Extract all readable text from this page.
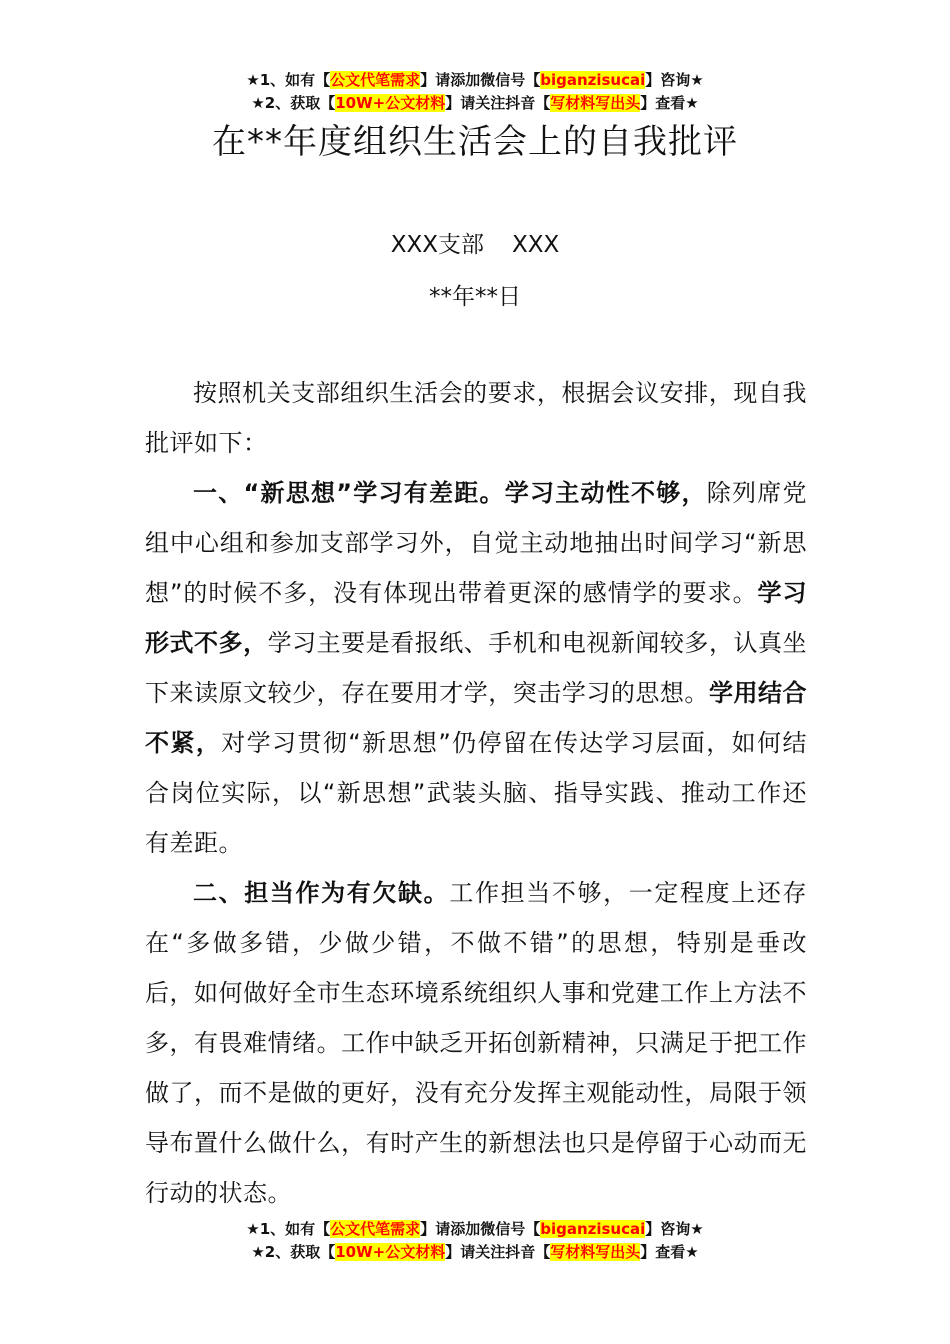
★1、如有【公文代笔需求】请添加微信号【biganzisucai】咨询★
★2、获取【10W+公文材料】请关注抖音【写材料写出头】查看★
在**年度组织生活会上的自我批评
XXX支部 XXX
**年**日

按照机关支部组织生活会的要求，根据会议安排，现自我批评如下：

一、“新思想”学习有差距。学习主动性不够，除列席党组中心组和参加支部学习外，自觉主动地抽出时间学习“新思想”的时候不多，没有体现出带着更深的感情学的要求。学习形式不多，学习主要是看报纸、手机和电视新闻较多，认真坐下来读原文较少，存在要用才学，突击学习的思想。学用结合不紧，对学习贯彻“新思想”仍停留在传达学习层面，如何结合岗位实际，以“新思想”武装头脑、指导实践、推动工作还有差距。

二、担当作为有欠缺。工作担当不够，一定程度上还存在“多做多错，少做少错，不做不错”的思想，特别是垂改后，如何做好全市生态环境系统组织人事和党建工作上方法不多，有畏难情绪。工作中缺乏开拓创新精神，只满足于把工作做了，而不是做的更好，没有充分发挥主观能动性，局限于领导布置什么做什么，有时产生的新想法也只是停留于心动而无行动的状态。

★1、如有【公文代笔需求】请添加微信号【biganzisucai】咨询★
★2、获取【10W+公文材料】请关注抖音【写材料写出头】查看★
